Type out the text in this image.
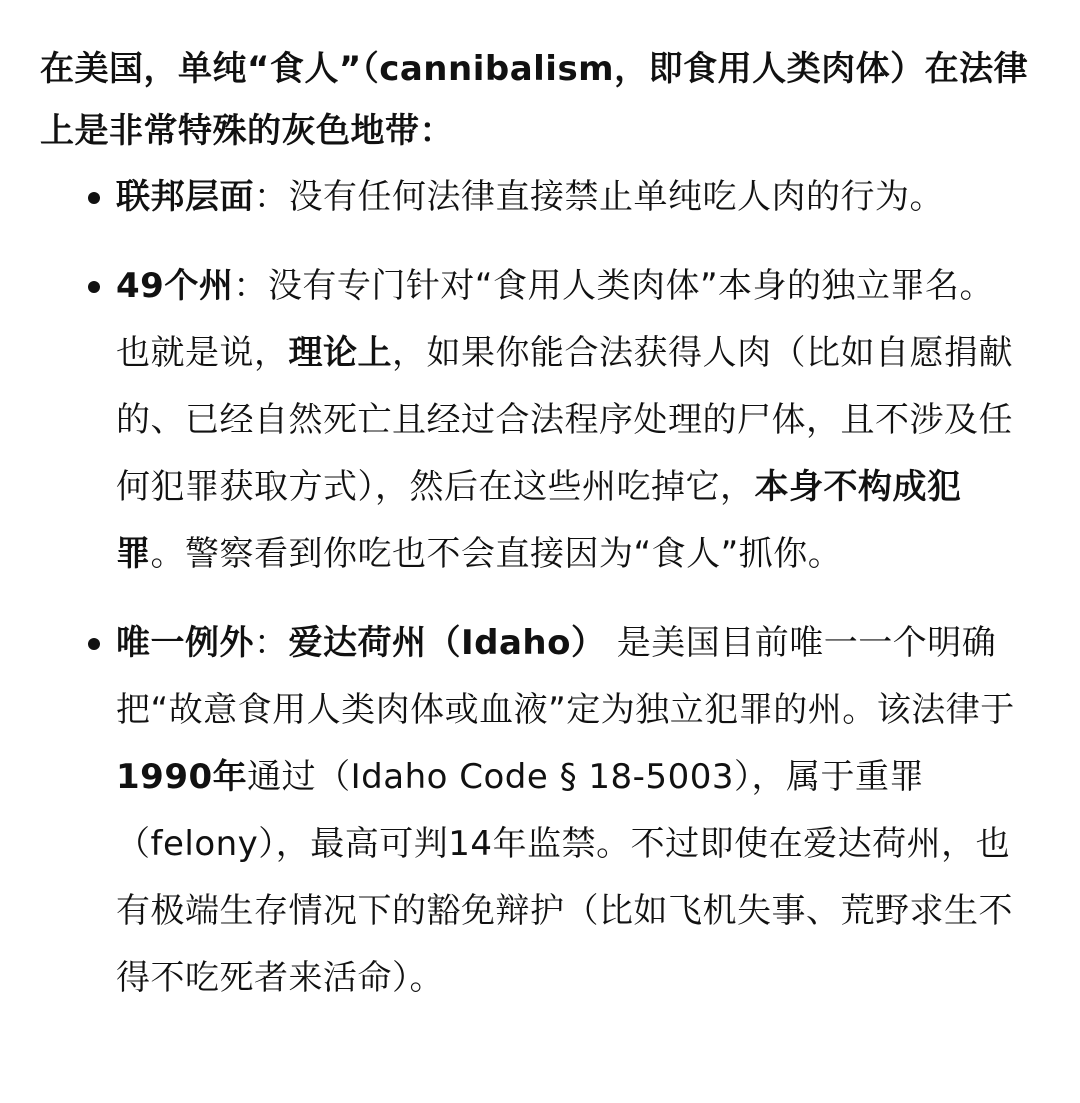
在美国，单纯“食人”（cannibalism，即食用人类肉体）在法律上是非常特殊的灰色地带：

联邦层面：没有任何法律直接禁止单纯吃人肉的行为。
49个州：没有专门针对“食用人类肉体”本身的独立罪名。也就是说，理论上，如果你能合法获得人肉（比如自愿捐献的、已经自然死亡且经过合法程序处理的尸体，且不涉及任何犯罪获取方式），然后在这些州吃掉它，本身不构成犯罪。警察看到你吃也不会直接因为“食人”抓你。
唯一例外：爱达荷州（Idaho） 是美国目前唯一一个明确把“故意食用人类肉体或血液”定为独立犯罪的州。该法律于1990年通过（Idaho Code § 18-5003），属于重罪（felony），最高可判14年监禁。不过即使在爱达荷州，也有极端生存情况下的豁免辩护（比如飞机失事、荒野求生不得不吃死者来活命）。
